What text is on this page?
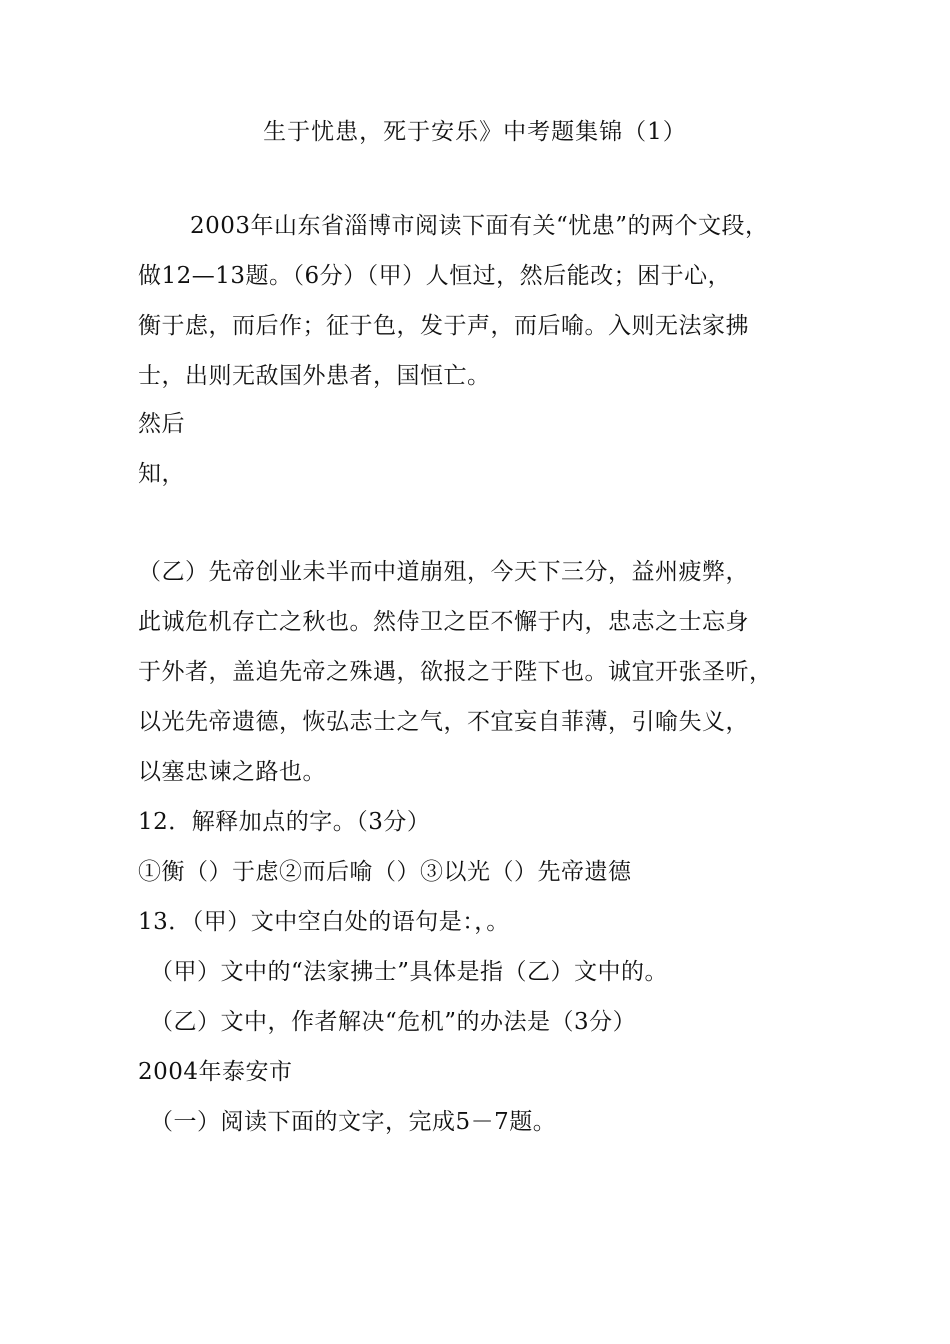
生于忧患，死于安乐》中考题集锦（1）
2003年山东省淄博市阅读下面有关“忧患”的两个文段，
做12—13题。（6分）（甲）人恒过，然后能改；困于心，
衡于虑，而后作；征于色，发于声，而后喻。入则无法家拂
士，出则无敌国外患者，国恒亡。
然后
知，
（乙）先帝创业未半而中道崩殂，今天下三分，益州疲弊，
此诚危机存亡之秋也。然侍卫之臣不懈于内，忠志之士忘身
于外者，盖追先帝之殊遇，欲报之于陛下也。诚宜开张圣听，
以光先帝遗德，恢弘志士之气，不宜妄自菲薄，引喻失义，
以塞忠谏之路也。
12．解释加点的字。（3分）
①衡（）于虑②而后喻（）③以光（）先帝遗德
13．（甲）文中空白处的语句是：，。
（甲）文中的“法家拂士”具体是指（乙）文中的。
（乙）文中，作者解决“危机”的办法是（3分）
2004年泰安市
（一）阅读下面的文字，完成5－7题。
